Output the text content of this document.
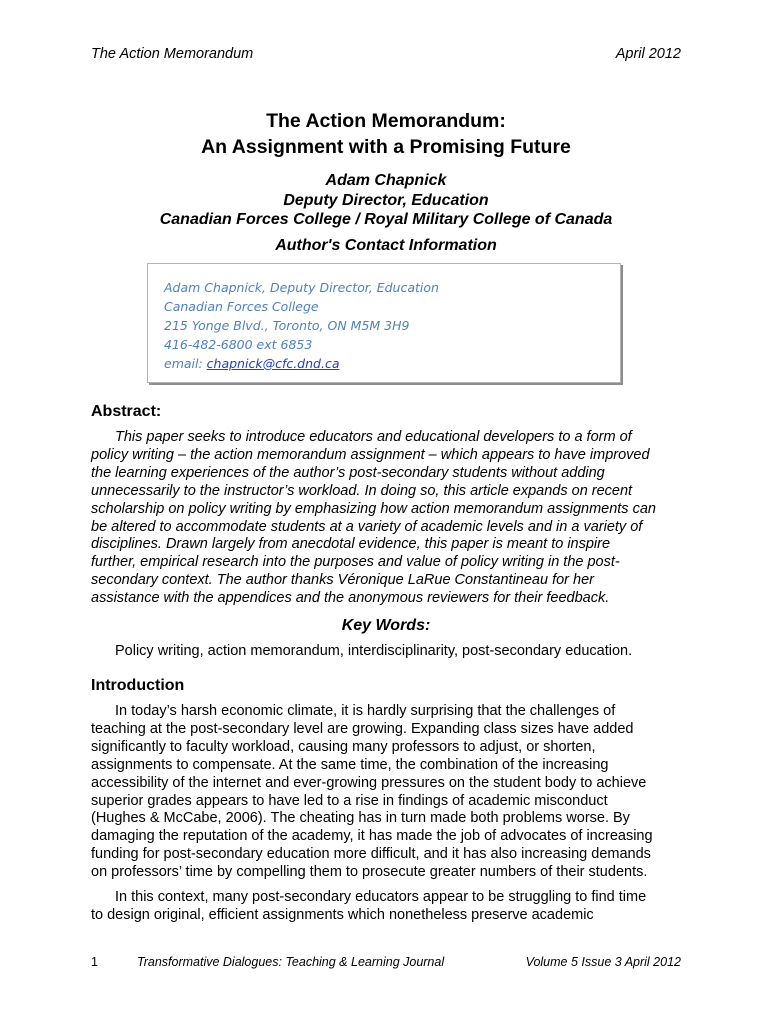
The Action Memorandum	April 2012
The Action Memorandum:
An Assignment with a Promising Future
Adam Chapnick
Deputy Director, Education
Canadian Forces College / Royal Military College of Canada
Author's Contact Information
Adam Chapnick, Deputy Director, Education
Canadian Forces College
215 Yonge Blvd., Toronto, ON M5M 3H9
416-482-6800 ext 6853
email: chapnick@cfc.dnd.ca
Abstract:
This paper seeks to introduce educators and educational developers to a form of
policy writing – the action memorandum assignment – which appears to have improved
the learning experiences of the author’s post-secondary students without adding
unnecessarily to the instructor’s workload. In doing so, this article expands on recent
scholarship on policy writing by emphasizing how action memorandum assignments can
be altered to accommodate students at a variety of academic levels and in a variety of
disciplines. Drawn largely from anecdotal evidence, this paper is meant to inspire
further, empirical research into the purposes and value of policy writing in the post-
secondary context. The author thanks Véronique LaRue Constantineau for her
assistance with the appendices and the anonymous reviewers for their feedback.
Key Words:
Policy writing, action memorandum, interdisciplinarity, post-secondary education.
Introduction
In today’s harsh economic climate, it is hardly surprising that the challenges of
teaching at the post-secondary level are growing. Expanding class sizes have added
significantly to faculty workload, causing many professors to adjust, or shorten,
assignments to compensate. At the same time, the combination of the increasing
accessibility of the internet and ever-growing pressures on the student body to achieve
superior grades appears to have led to a rise in findings of academic misconduct
(Hughes & McCabe, 2006). The cheating has in turn made both problems worse. By
damaging the reputation of the academy, it has made the job of advocates of increasing
funding for post-secondary education more difficult, and it has also increasing demands
on professors’ time by compelling them to prosecute greater numbers of their students.
In this context, many post-secondary educators appear to be struggling to find time
to design original, efficient assignments which nonetheless preserve academic
1	Transformative Dialogues: Teaching & Learning Journal	Volume 5 Issue 3 April 2012
